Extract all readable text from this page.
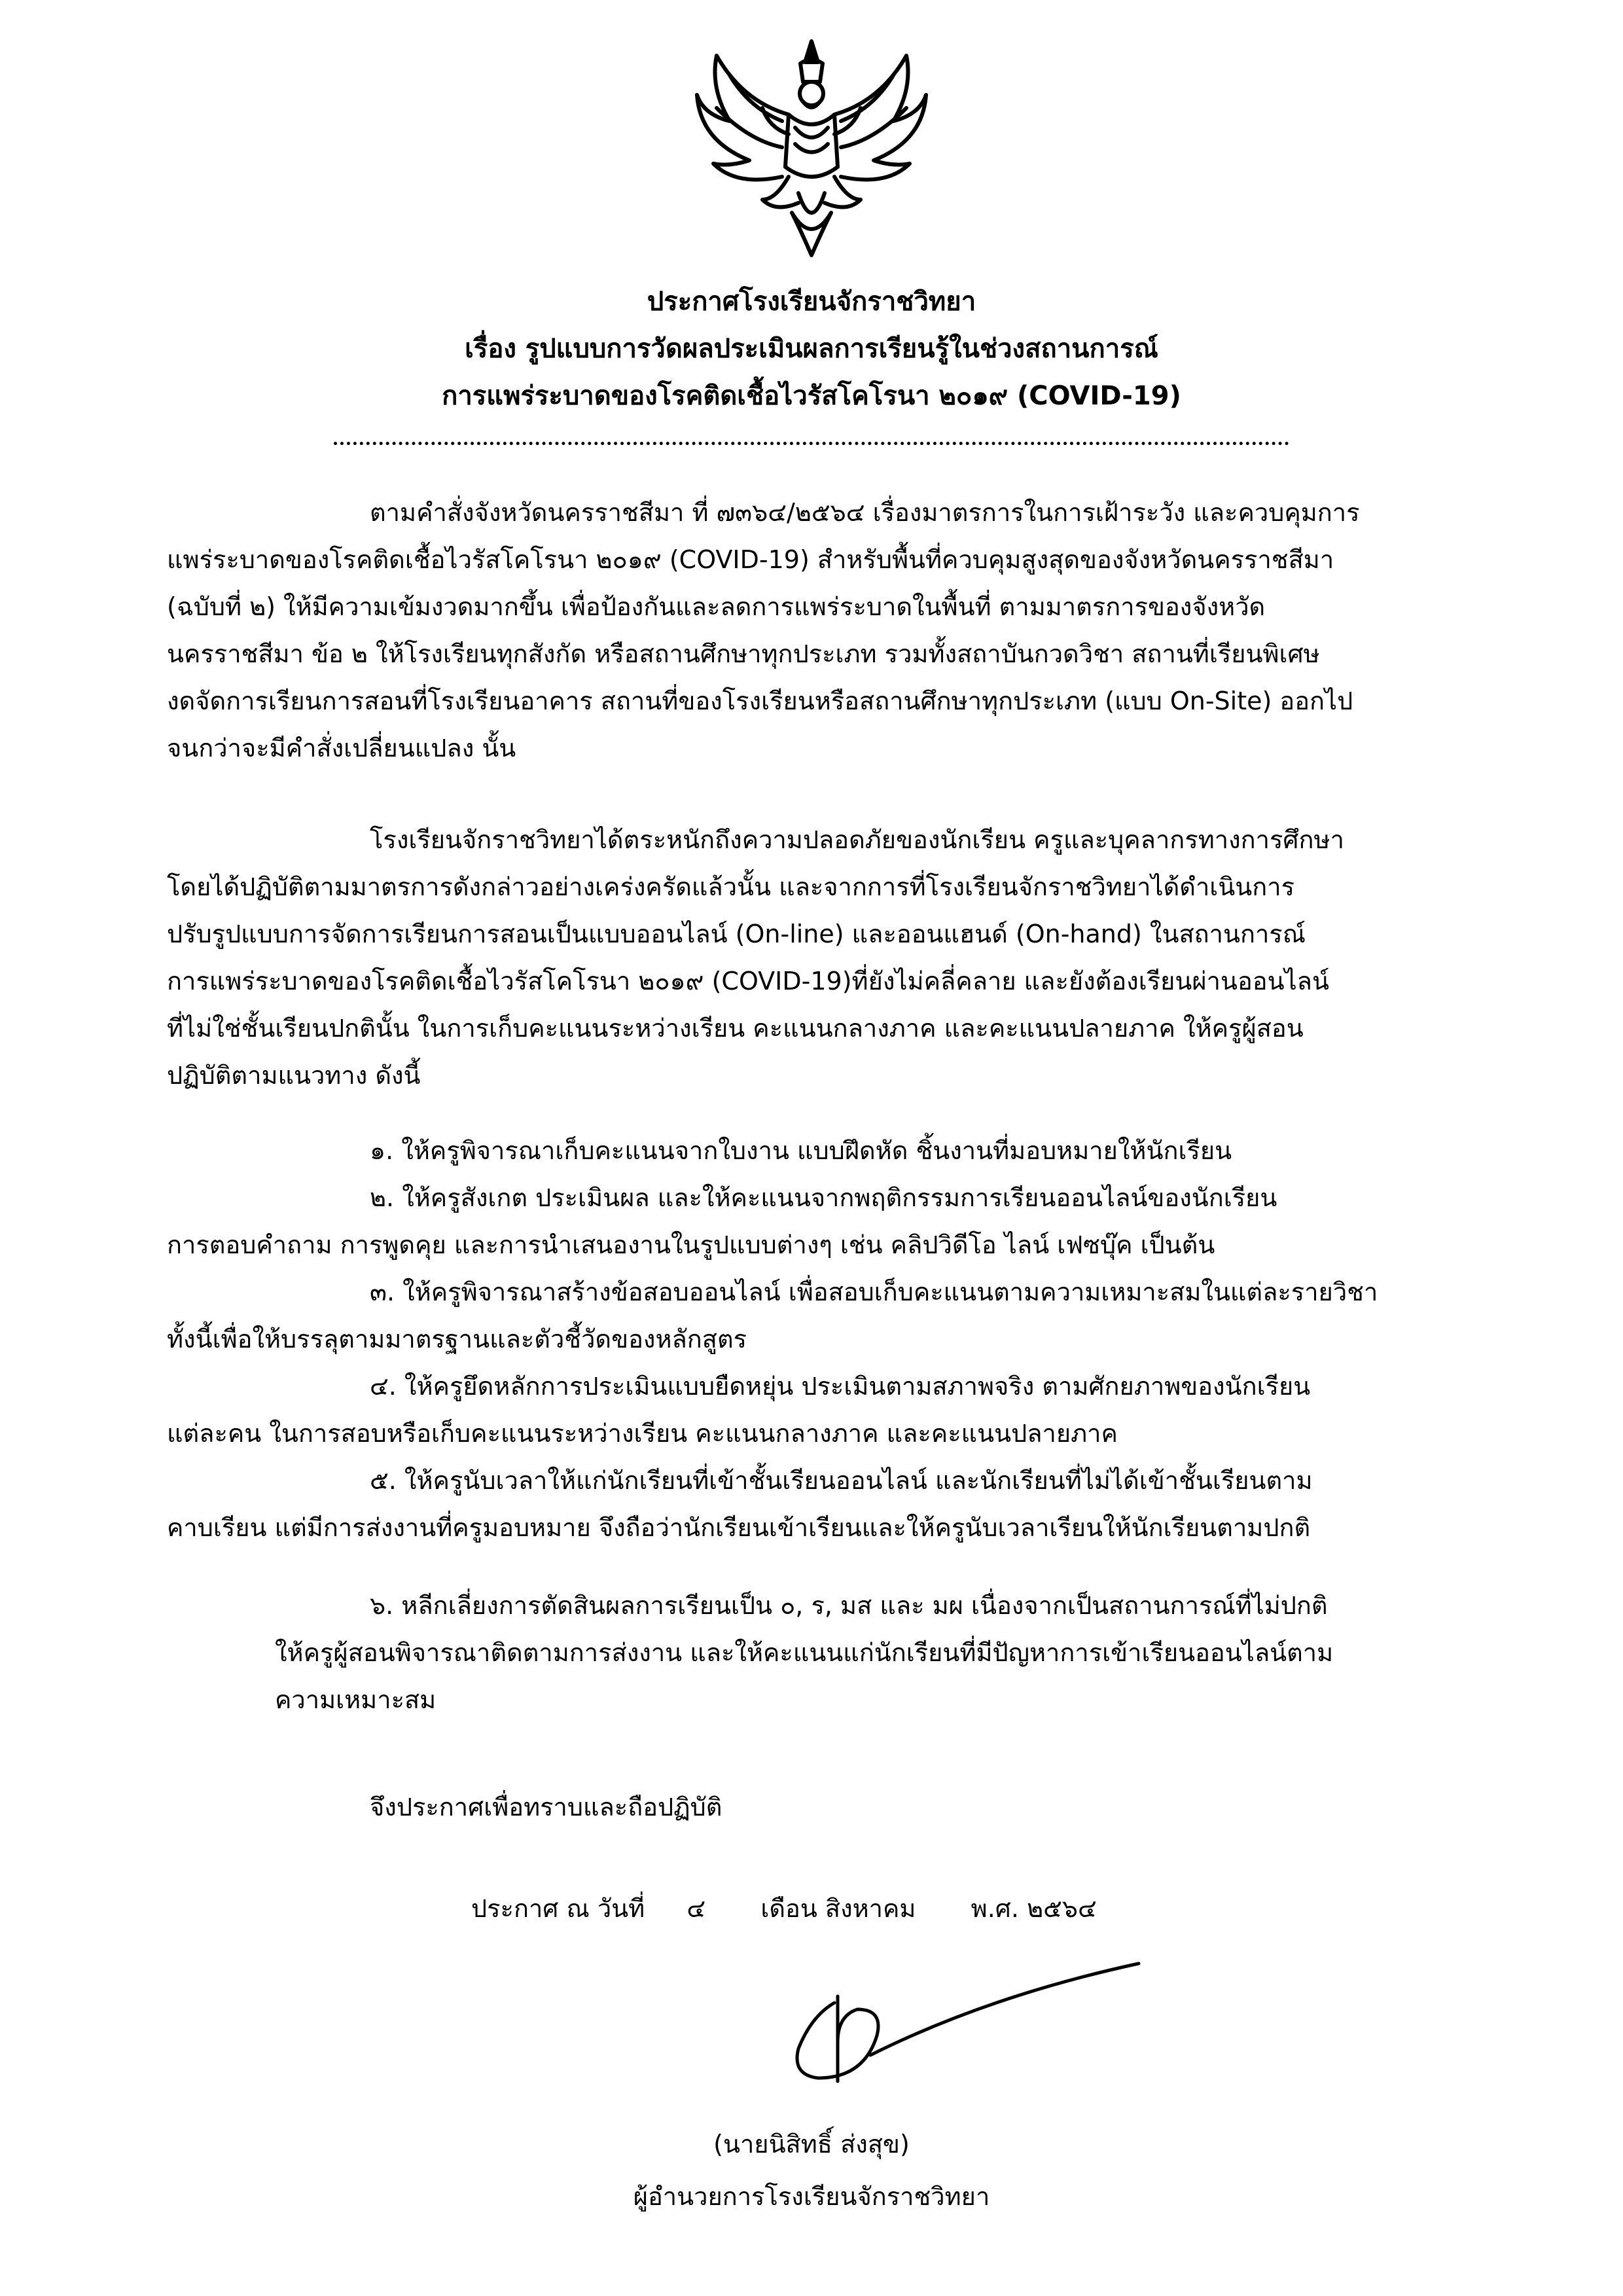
ประกาศโรงเรียนจักราชวิทยา
เรื่อง รูปแบบการวัดผลประเมินผลการเรียนรู้ในช่วงสถานการณ์
การแพร่ระบาดของโรคติดเชื้อไวรัสโคโรนา ๒๐๑๙ (COVID-19)
ตามคำสั่งจังหวัดนครราชสีมา ที่ ๗๓๖๔/๒๕๖๔ เรื่องมาตรการในการเฝ้าระวัง และควบคุมการ
แพร่ระบาดของโรคติดเชื้อไวรัสโคโรนา ๒๐๑๙ (COVID-19) สำหรับพื้นที่ควบคุมสูงสุดของจังหวัดนครราชสีมา
(ฉบับที่ ๒) ให้มีความเข้มงวดมากขึ้น เพื่อป้องกันและลดการแพร่ระบาดในพื้นที่ ตามมาตรการของจังหวัด
นครราชสีมา ข้อ ๒ ให้โรงเรียนทุกสังกัด หรือสถานศึกษาทุกประเภท รวมทั้งสถาบันกวดวิชา สถานที่เรียนพิเศษ
งดจัดการเรียนการสอนที่โรงเรียนอาคาร สถานที่ของโรงเรียนหรือสถานศึกษาทุกประเภท (แบบ On-Site) ออกไป
จนกว่าจะมีคำสั่งเปลี่ยนแปลง นั้น
โรงเรียนจักราชวิทยาได้ตระหนักถึงความปลอดภัยของนักเรียน ครูและบุคลากรทางการศึกษา
โดยได้ปฏิบัติตามมาตรการดังกล่าวอย่างเคร่งครัดแล้วนั้น และจากการที่โรงเรียนจักราชวิทยาได้ดำเนินการ
ปรับรูปแบบการจัดการเรียนการสอนเป็นแบบออนไลน์ (On-line) และออนแฮนด์ (On-hand) ในสถานการณ์
การแพร่ระบาดของโรคติดเชื้อไวรัสโคโรนา ๒๐๑๙ (COVID-19)ที่ยังไม่คลี่คลาย และยังต้องเรียนผ่านออนไลน์
ที่ไม่ใช่ชั้นเรียนปกตินั้น ในการเก็บคะแนนระหว่างเรียน คะแนนกลางภาค และคะแนนปลายภาค ให้ครูผู้สอน
ปฏิบัติตามแนวทาง ดังนี้
๑. ให้ครูพิจารณาเก็บคะแนนจากใบงาน แบบฝึดหัด ชิ้นงานที่มอบหมายให้นักเรียน
๒. ให้ครูสังเกต ประเมินผล และให้คะแนนจากพฤติกรรมการเรียนออนไลน์ของนักเรียน
การตอบคำถาม การพูดคุย และการนำเสนองานในรูปแบบต่างๆ เช่น คลิปวิดีโอ ไลน์ เฟซบุ๊ค เป็นต้น
๓. ให้ครูพิจารณาสร้างข้อสอบออนไลน์ เพื่อสอบเก็บคะแนนตามความเหมาะสมในแต่ละรายวิชา
ทั้งนี้เพื่อให้บรรลุตามมาตรฐานและตัวชี้วัดของหลักสูตร
๔. ให้ครูยึดหลักการประเมินแบบยืดหยุ่น ประเมินตามสภาพจริง ตามศักยภาพของนักเรียน
แต่ละคน ในการสอบหรือเก็บคะแนนระหว่างเรียน คะแนนกลางภาค และคะแนนปลายภาค
๕. ให้ครูนับเวลาให้แก่นักเรียนที่เข้าชั้นเรียนออนไลน์ และนักเรียนที่ไม่ได้เข้าชั้นเรียนตาม
คาบเรียน แต่มีการส่งงานที่ครูมอบหมาย จึงถือว่านักเรียนเข้าเรียนและให้ครูนับเวลาเรียนให้นักเรียนตามปกติ
๖. หลีกเลี่ยงการตัดสินผลการเรียนเป็น ๐, ร, มส และ มผ เนื่องจากเป็นสถานการณ์ที่ไม่ปกติ
ให้ครูผู้สอนพิจารณาติดตามการส่งงาน และให้คะแนนแก่นักเรียนที่มีปัญหาการเข้าเรียนออนไลน์ตาม
ความเหมาะสม
จึงประกาศเพื่อทราบและถือปฏิบัติ
ประกาศ ณ วันที่ ๔ เดือน สิงหาคม พ.ศ. ๒๕๖๔
(นายนิสิทธิ์ ส่งสุข)
ผู้อำนวยการโรงเรียนจักราชวิทยา
